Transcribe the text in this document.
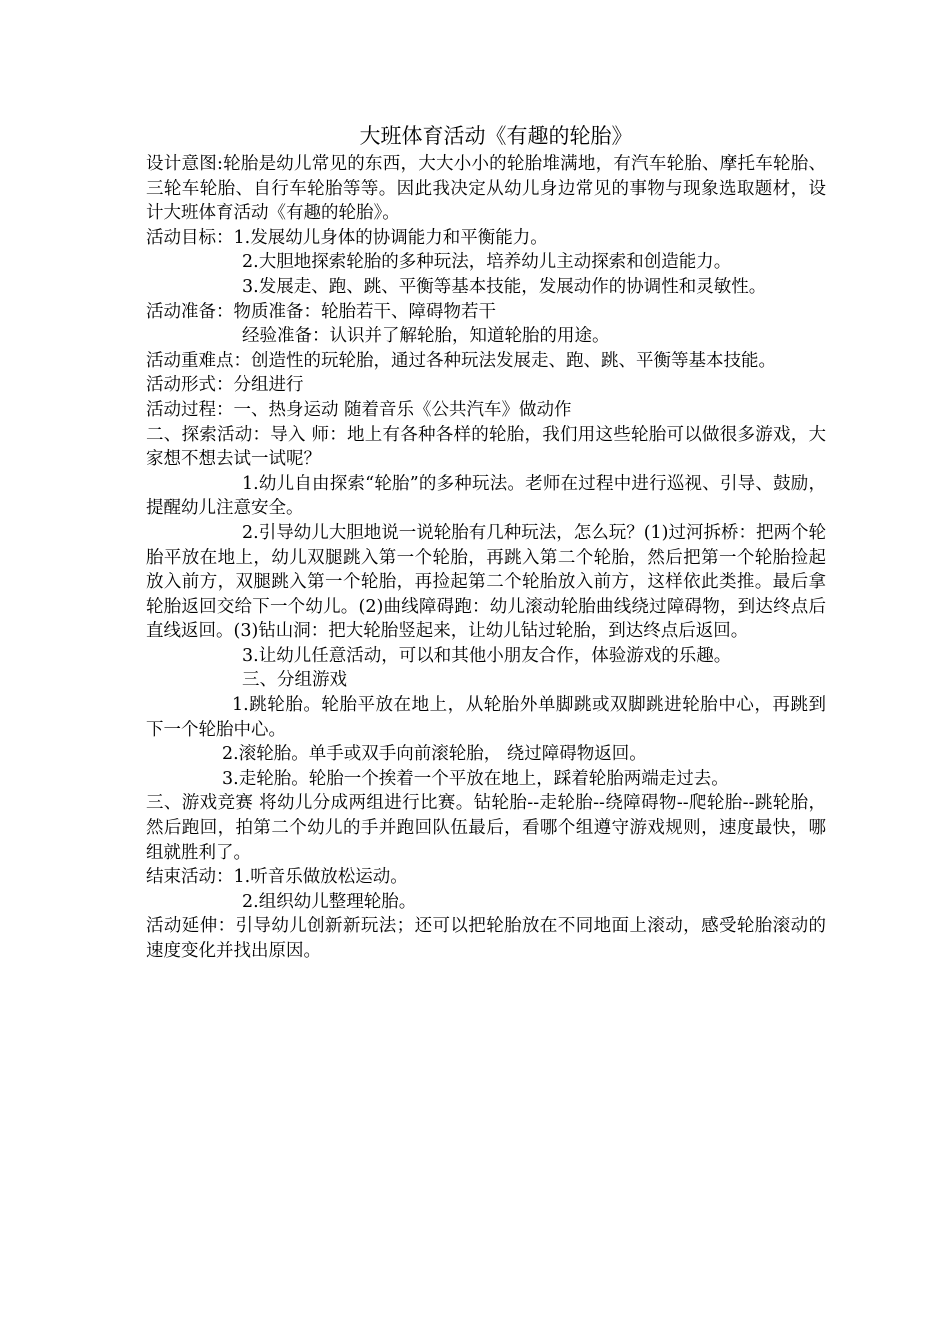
大班体育活动《有趣的轮胎》

设计意图:轮胎是幼儿常见的东西，大大小小的轮胎堆满地，有汽车轮胎、摩托车轮胎、三轮车轮胎、自行车轮胎等等。因此我决定从幼儿身边常见的事物与现象选取题材，设计大班体育活动《有趣的轮胎》。

活动目标：1.发展幼儿身体的协调能力和平衡能力。

2.大胆地探索轮胎的多种玩法，培养幼儿主动探索和创造能力。

3.发展走、跑、跳、平衡等基本技能，发展动作的协调性和灵敏性。

活动准备：物质准备：轮胎若干、障碍物若干

经验准备：认识并了解轮胎，知道轮胎的用途。

活动重难点：创造性的玩轮胎，通过各种玩法发展走、跑、跳、平衡等基本技能。

活动形式：分组进行

活动过程：一、热身运动 随着音乐《公共汽车》做动作

二、探索活动：导入 师：地上有各种各样的轮胎，我们用这些轮胎可以做很多游戏，大家想不想去试一试呢？

1.幼儿自由探索“轮胎”的多种玩法。老师在过程中进行巡视、引导、鼓励，提醒幼儿注意安全。

2.引导幼儿大胆地说一说轮胎有几种玩法，怎么玩？(1)过河拆桥：把两个轮胎平放在地上，幼儿双腿跳入第一个轮胎，再跳入第二个轮胎，然后把第一个轮胎捡起放入前方，双腿跳入第一个轮胎，再捡起第二个轮胎放入前方，这样依此类推。最后拿轮胎返回交给下一个幼儿。(2)曲线障碍跑：幼儿滚动轮胎曲线绕过障碍物，到达终点后直线返回。(3)钻山洞：把大轮胎竖起来，让幼儿钻过轮胎，到达终点后返回。

3.让幼儿任意活动，可以和其他小朋友合作，体验游戏的乐趣。

三、分组游戏

1.跳轮胎。轮胎平放在地上，从轮胎外单脚跳或双脚跳进轮胎中心，再跳到下一个轮胎中心。

2.滚轮胎。单手或双手向前滚轮胎， 绕过障碍物返回。

3.走轮胎。轮胎一个挨着一个平放在地上，踩着轮胎两端走过去。

三、游戏竞赛 将幼儿分成两组进行比赛。钻轮胎--走轮胎--绕障碍物--爬轮胎--跳轮胎，然后跑回，拍第二个幼儿的手并跑回队伍最后，看哪个组遵守游戏规则，速度最快，哪组就胜利了。

结束活动：1.听音乐做放松运动。

2.组织幼儿整理轮胎。

活动延伸：引导幼儿创新新玩法；还可以把轮胎放在不同地面上滚动，感受轮胎滚动的速度变化并找出原因。
